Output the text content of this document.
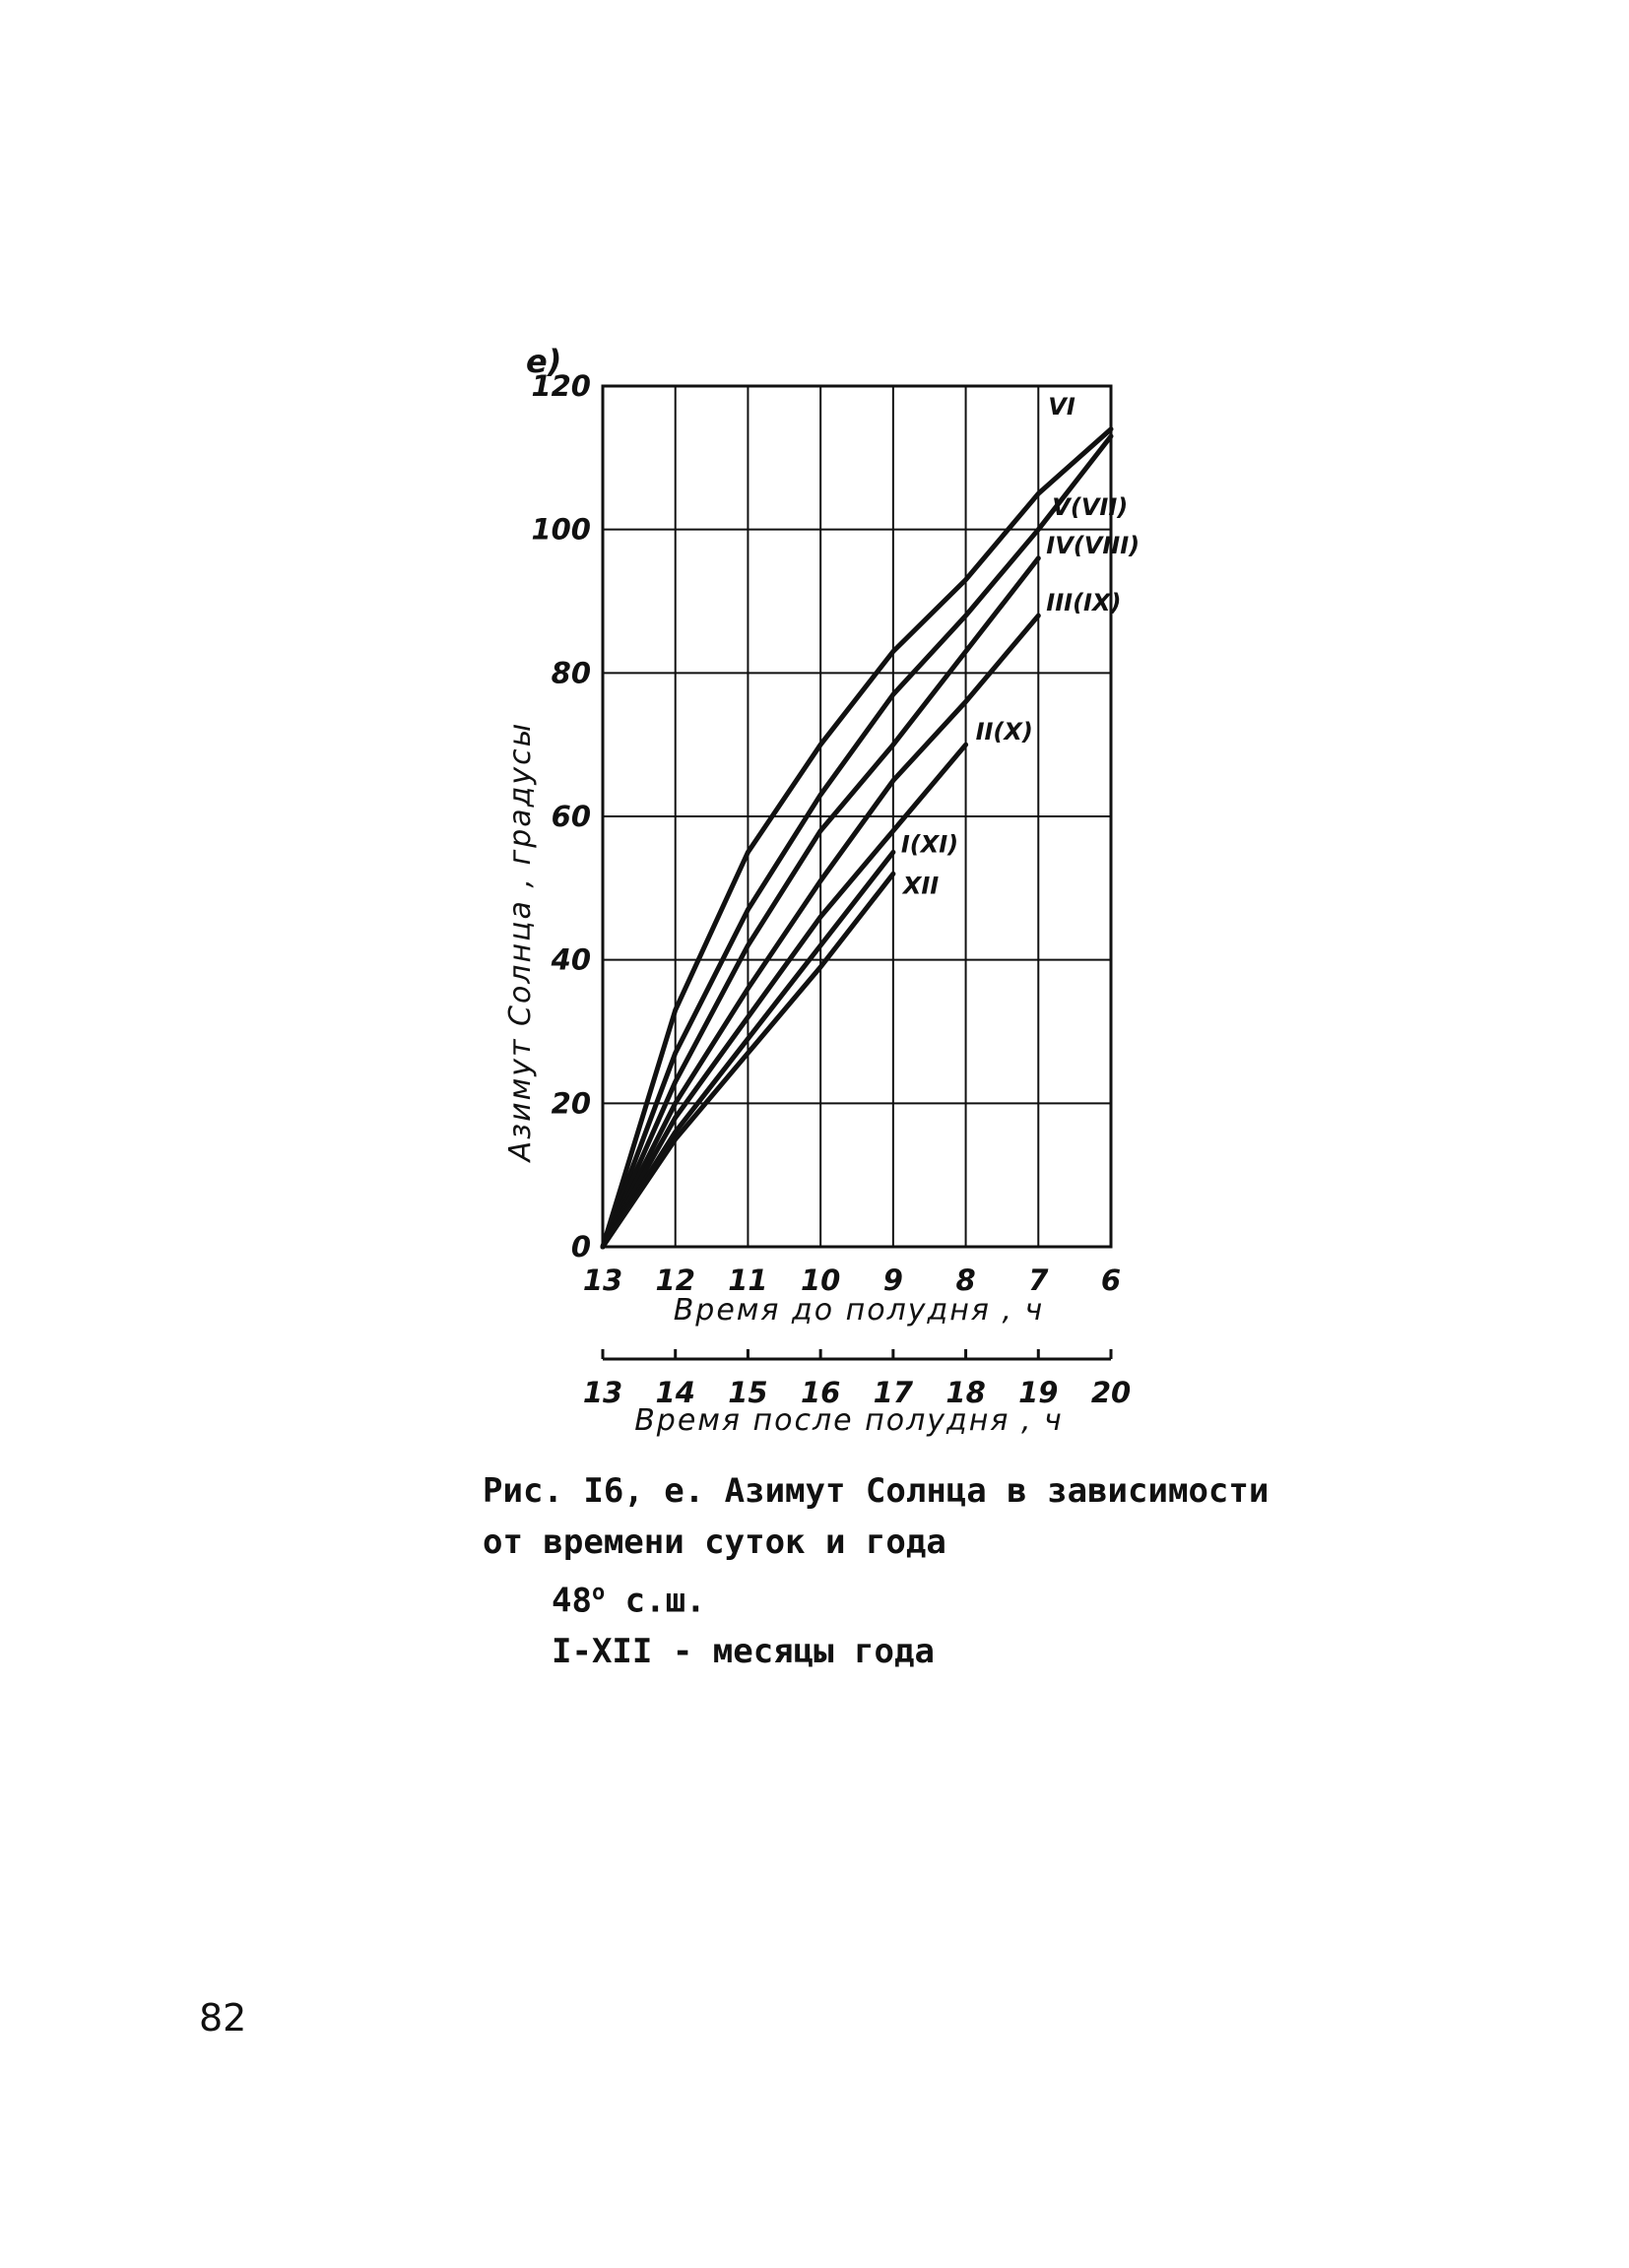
e)
VI
V(VII)
IV(VIII)
III(IX)
II(X)
I(XI)
XII
0
20
40
60
80
100
120
13 12 11 10 9 8 7 6
13 14 15 16 17 18 19 20
Время до полудня , ч
Время после полудня , ч
Азимут Солнца , градусы
Рис. I6, е. Азимут Солнца в зависимости
от времени суток и года
$48^о$ с.ш.
I-XII - месяцы года
82
